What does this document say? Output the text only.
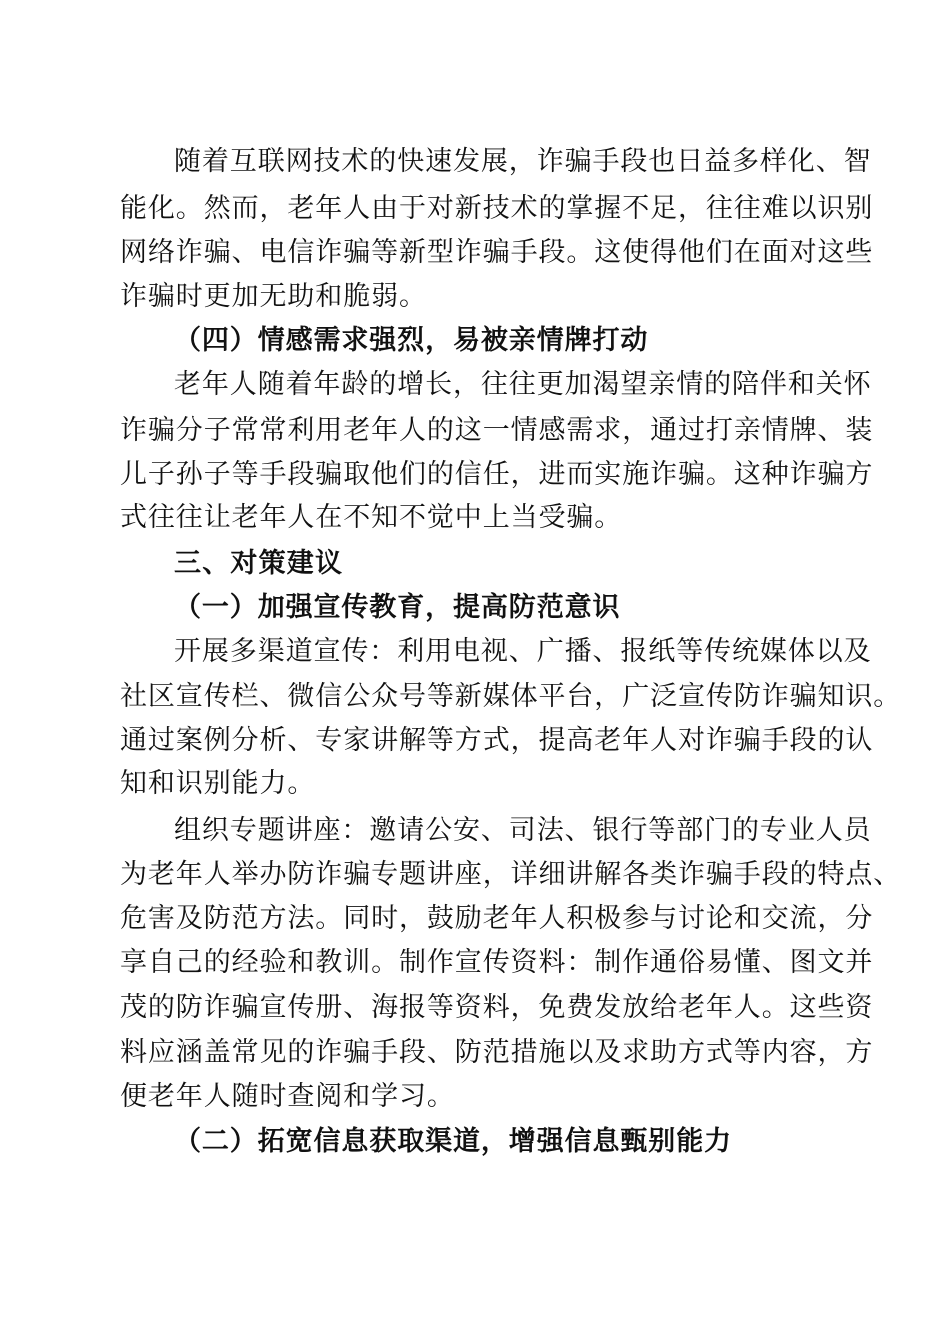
随着互联网技术的快速发展，诈骗手段也日益多样化、智

能化。然而，老年人由于对新技术的掌握不足，往往难以识别

网络诈骗、电信诈骗等新型诈骗手段。这使得他们在面对这些

诈骗时更加无助和脆弱。

（四）情感需求强烈，易被亲情牌打动

老年人随着年龄的增长，往往更加渴望亲情的陪伴和关怀

诈骗分子常常利用老年人的这一情感需求，通过打亲情牌、装

儿子孙子等手段骗取他们的信任，进而实施诈骗。这种诈骗方

式往往让老年人在不知不觉中上当受骗。

三、对策建议

（一）加强宣传教育，提高防范意识

开展多渠道宣传：利用电视、广播、报纸等传统媒体以及

社区宣传栏、微信公众号等新媒体平台，广泛宣传防诈骗知识。

通过案例分析、专家讲解等方式，提高老年人对诈骗手段的认

知和识别能力。

组织专题讲座：邀请公安、司法、银行等部门的专业人员

为老年人举办防诈骗专题讲座，详细讲解各类诈骗手段的特点、

危害及防范方法。同时，鼓励老年人积极参与讨论和交流，分

享自己的经验和教训。制作宣传资料：制作通俗易懂、图文并

茂的防诈骗宣传册、海报等资料，免费发放给老年人。这些资

料应涵盖常见的诈骗手段、防范措施以及求助方式等内容，方

便老年人随时查阅和学习。

（二）拓宽信息获取渠道，增强信息甄别能力
